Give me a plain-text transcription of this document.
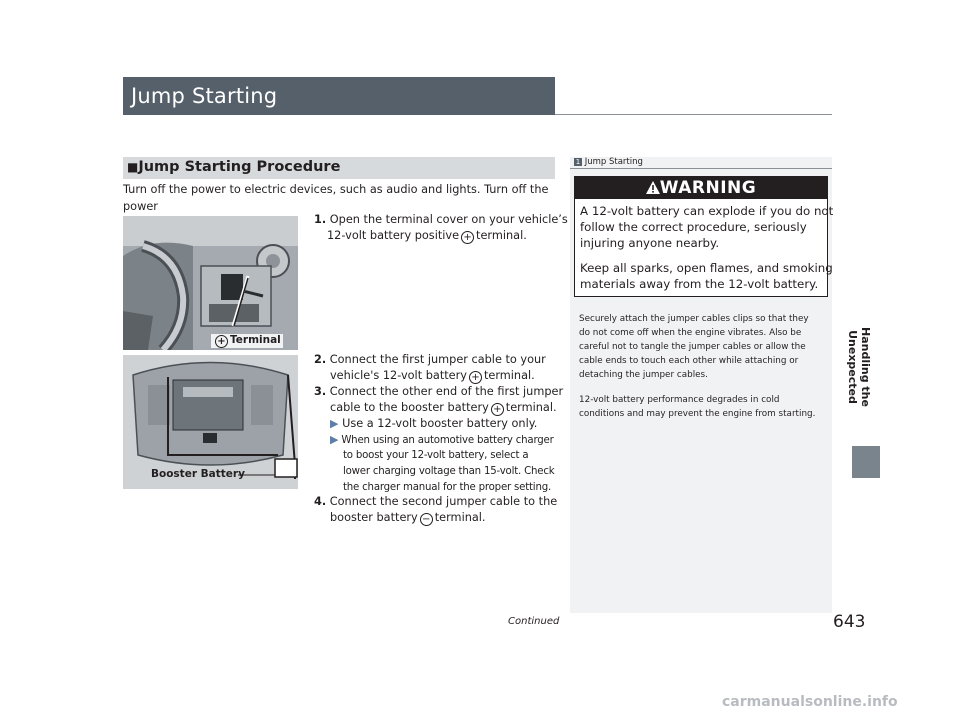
Jump Starting
■Jump Starting Procedure
Turn off the power to electric devices, such as audio and lights. Turn off the power
+ Terminal
Booster Battery
1. Open the terminal cover on your vehicle’s
12-volt battery positive + terminal.
2. Connect the first jumper cable to your
vehicle's 12-volt battery + terminal.
3. Connect the other end of the first jumper
cable to the booster battery + terminal.
▶ Use a 12-volt booster battery only.
▶ When using an automotive battery charger
to boost your 12-volt battery, select a
lower charging voltage than 15-volt. Check
the charger manual for the proper setting.
4. Connect the second jumper cable to the
booster battery − terminal.
1 Jump Starting
WARNING
A 12-volt battery can explode if you do not
follow the correct procedure, seriously
injuring anyone nearby.
Keep all sparks, open flames, and smoking
materials away from the 12-volt battery.
Securely attach the jumper cables clips so that they
do not come off when the engine vibrates. Also be
careful not to tangle the jumper cables or allow the
cable ends to touch each other while attaching or
detaching the jumper cables.
12-volt battery performance degrades in cold
conditions and may prevent the engine from starting.
Handling the Unexpected
Continued	643
carmanualsonline.info
